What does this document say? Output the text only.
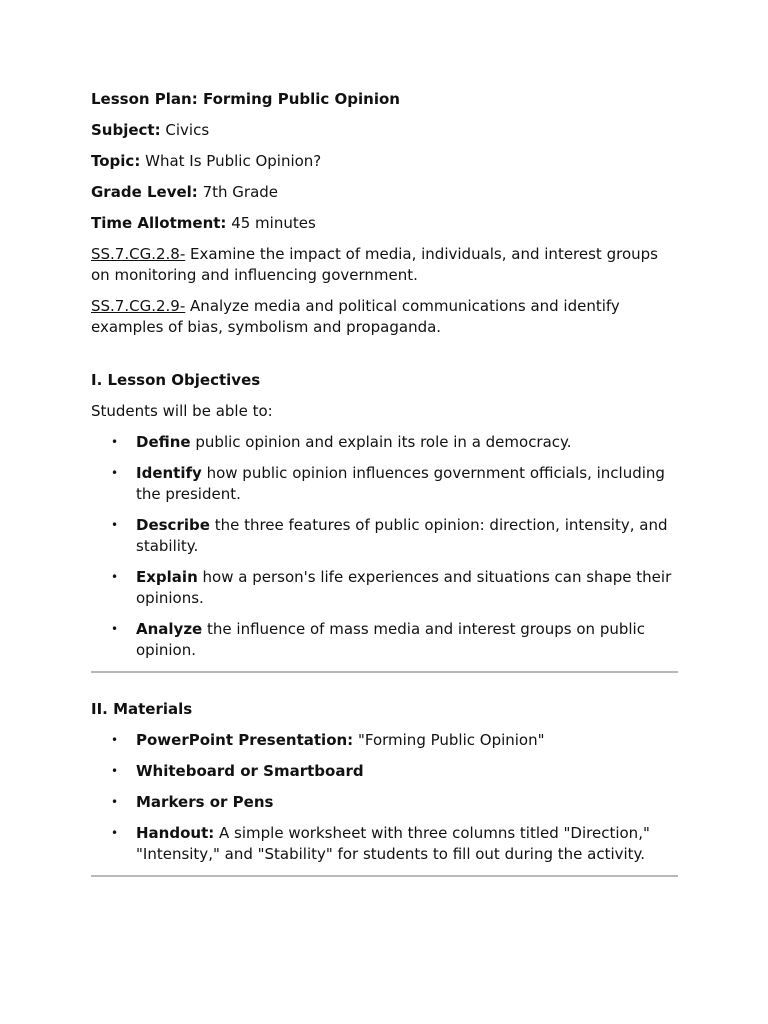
Lesson Plan: Forming Public Opinion

Subject: Civics

Topic: What Is Public Opinion?

Grade Level: 7th Grade

Time Allotment: 45 minutes

SS.7.CG.2.8- Examine the impact of media, individuals, and interest groups on monitoring and influencing government.

SS.7.CG.2.9- Analyze media and political communications and identify examples of bias, symbolism and propaganda.

I. Lesson Objectives

Students will be able to:

• Define public opinion and explain its role in a democracy.
• Identify how public opinion influences government officials, including the president.
• Describe the three features of public opinion: direction, intensity, and stability.
• Explain how a person's life experiences and situations can shape their opinions.
• Analyze the influence of mass media and interest groups on public opinion.
II. Materials
• PowerPoint Presentation: "Forming Public Opinion"
• Whiteboard or Smartboard
• Markers or Pens
• Handout: A simple worksheet with three columns titled "Direction," "Intensity," and "Stability" for students to fill out during the activity.
